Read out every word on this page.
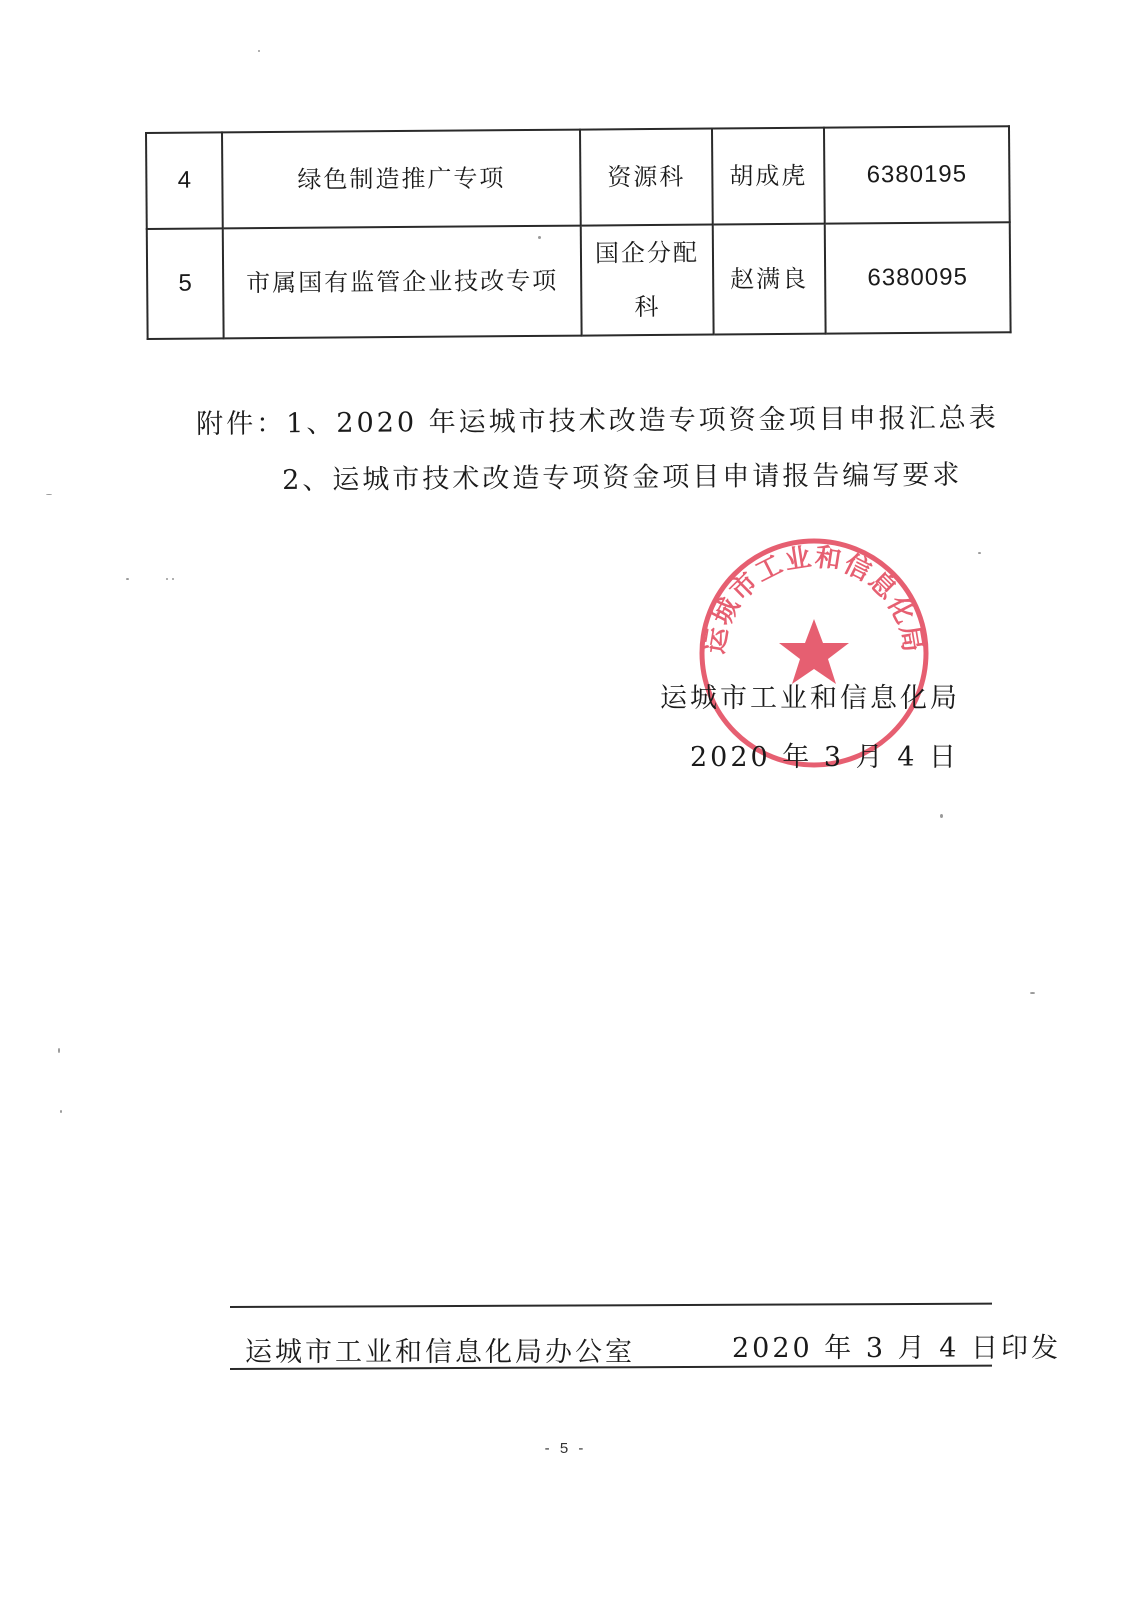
4	绿色制造推广专项	资源科	胡成虎	6380195
5	市属国有监管企业技改专项	国企分配科	赵满良	6380095
附件：1、2020 年运城市技术改造专项资金项目申报汇总表
2、运城市技术改造专项资金项目申请报告编写要求
运城市工业和信息化局
运城市工业和信息化局
2020 年 3 月 4 日
运城市工业和信息化局办公室	2020 年 3 月 4 日印发
- 5 -
